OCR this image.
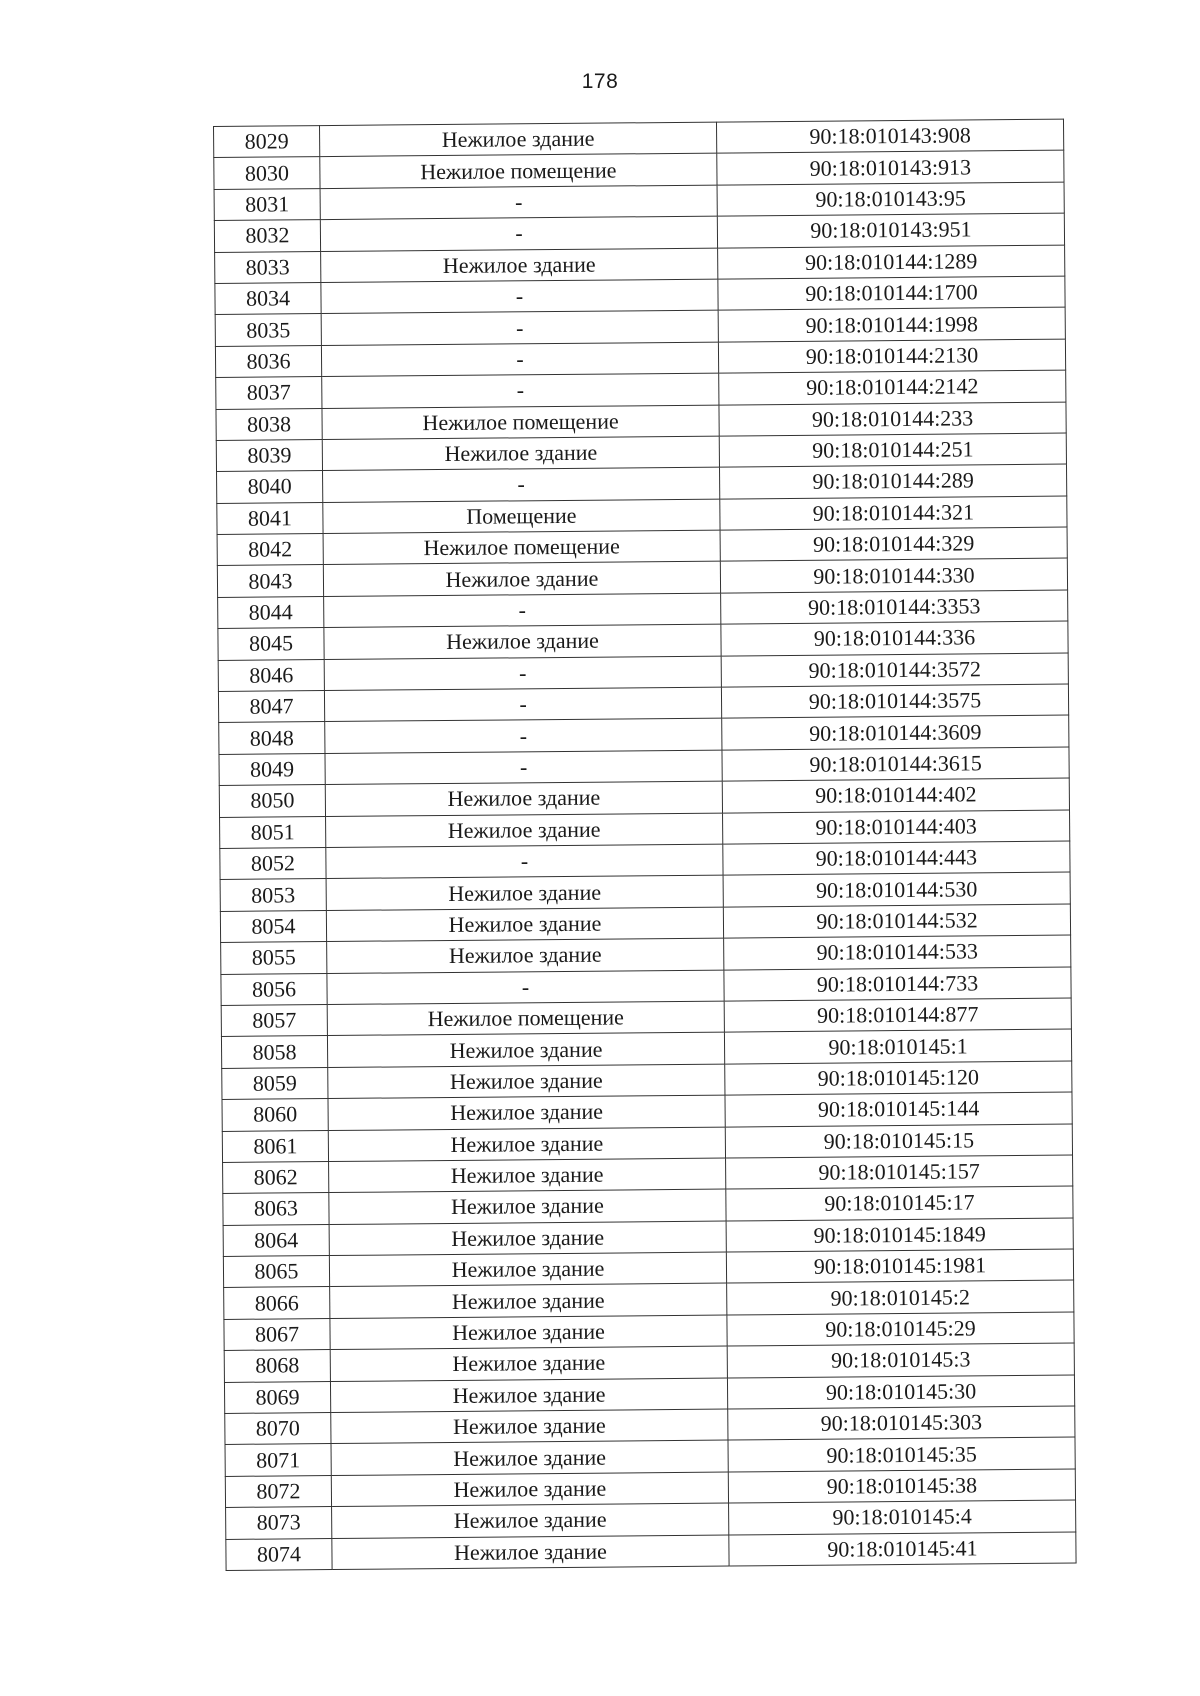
178
8029	Нежилое здание	90:18:010143:908
8030	Нежилое помещение	90:18:010143:913
8031	-	90:18:010143:95
8032	-	90:18:010143:951
8033	Нежилое здание	90:18:010144:1289
8034	-	90:18:010144:1700
8035	-	90:18:010144:1998
8036	-	90:18:010144:2130
8037	-	90:18:010144:2142
8038	Нежилое помещение	90:18:010144:233
8039	Нежилое здание	90:18:010144:251
8040	-	90:18:010144:289
8041	Помещение	90:18:010144:321
8042	Нежилое помещение	90:18:010144:329
8043	Нежилое здание	90:18:010144:330
8044	-	90:18:010144:3353
8045	Нежилое здание	90:18:010144:336
8046	-	90:18:010144:3572
8047	-	90:18:010144:3575
8048	-	90:18:010144:3609
8049	-	90:18:010144:3615
8050	Нежилое здание	90:18:010144:402
8051	Нежилое здание	90:18:010144:403
8052	-	90:18:010144:443
8053	Нежилое здание	90:18:010144:530
8054	Нежилое здание	90:18:010144:532
8055	Нежилое здание	90:18:010144:533
8056	-	90:18:010144:733
8057	Нежилое помещение	90:18:010144:877
8058	Нежилое здание	90:18:010145:1
8059	Нежилое здание	90:18:010145:120
8060	Нежилое здание	90:18:010145:144
8061	Нежилое здание	90:18:010145:15
8062	Нежилое здание	90:18:010145:157
8063	Нежилое здание	90:18:010145:17
8064	Нежилое здание	90:18:010145:1849
8065	Нежилое здание	90:18:010145:1981
8066	Нежилое здание	90:18:010145:2
8067	Нежилое здание	90:18:010145:29
8068	Нежилое здание	90:18:010145:3
8069	Нежилое здание	90:18:010145:30
8070	Нежилое здание	90:18:010145:303
8071	Нежилое здание	90:18:010145:35
8072	Нежилое здание	90:18:010145:38
8073	Нежилое здание	90:18:010145:4
8074	Нежилое здание	90:18:010145:41
